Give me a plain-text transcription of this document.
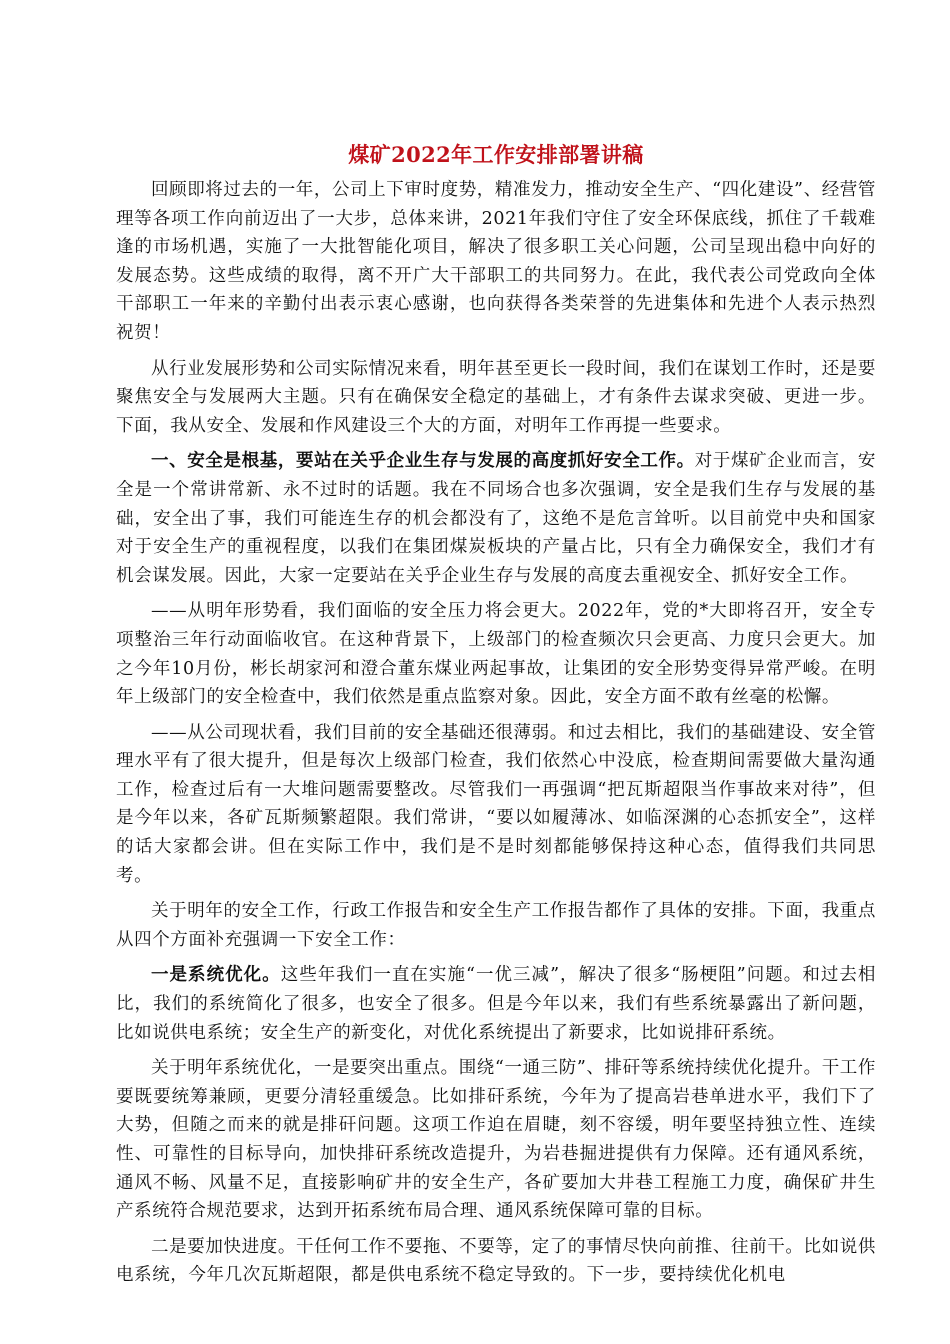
煤矿2022年工作安排部署讲稿

回顾即将过去的一年，公司上下审时度势，精准发力，推动安全生产、“四化建设”、经营管理等各项工作向前迈出了一大步，总体来讲，2021年我们守住了安全环保底线，抓住了千载难逢的市场机遇，实施了一大批智能化项目，解决了很多职工关心问题，公司呈现出稳中向好的发展态势。这些成绩的取得，离不开广大干部职工的共同努力。在此，我代表公司党政向全体干部职工一年来的辛勤付出表示衷心感谢，也向获得各类荣誉的先进集体和先进个人表示热烈祝贺！

从行业发展形势和公司实际情况来看，明年甚至更长一段时间，我们在谋划工作时，还是要聚焦安全与发展两大主题。只有在确保安全稳定的基础上，才有条件去谋求突破、更进一步。下面，我从安全、发展和作风建设三个大的方面，对明年工作再提一些要求。

一、安全是根基，要站在关乎企业生存与发展的高度抓好安全工作。对于煤矿企业而言，安全是一个常讲常新、永不过时的话题。我在不同场合也多次强调，安全是我们生存与发展的基础，安全出了事，我们可能连生存的机会都没有了，这绝不是危言耸听。以目前党中央和国家对于安全生产的重视程度，以我们在集团煤炭板块的产量占比，只有全力确保安全，我们才有机会谋发展。因此，大家一定要站在关乎企业生存与发展的高度去重视安全、抓好安全工作。

——从明年形势看，我们面临的安全压力将会更大。2022年，党的*大即将召开，安全专项整治三年行动面临收官。在这种背景下，上级部门的检查频次只会更高、力度只会更大。加之今年10月份，彬长胡家河和澄合董东煤业两起事故，让集团的安全形势变得异常严峻。在明年上级部门的安全检查中，我们依然是重点监察对象。因此，安全方面不敢有丝毫的松懈。

——从公司现状看，我们目前的安全基础还很薄弱。和过去相比，我们的基础建设、安全管理水平有了很大提升，但是每次上级部门检查，我们依然心中没底，检查期间需要做大量沟通工作，检查过后有一大堆问题需要整改。尽管我们一再强调“把瓦斯超限当作事故来对待”，但是今年以来，各矿瓦斯频繁超限。我们常讲，“要以如履薄冰、如临深渊的心态抓安全”，这样的话大家都会讲。但在实际工作中，我们是不是时刻都能够保持这种心态，值得我们共同思考。

关于明年的安全工作，行政工作报告和安全生产工作报告都作了具体的安排。下面，我重点从四个方面补充强调一下安全工作：

一是系统优化。这些年我们一直在实施“一优三减”，解决了很多“肠梗阻”问题。和过去相比，我们的系统简化了很多，也安全了很多。但是今年以来，我们有些系统暴露出了新问题，比如说供电系统；安全生产的新变化，对优化系统提出了新要求，比如说排矸系统。

关于明年系统优化，一是要突出重点。围绕“一通三防”、排矸等系统持续优化提升。干工作要既要统筹兼顾，更要分清轻重缓急。比如排矸系统，今年为了提高岩巷单进水平，我们下了大势，但随之而来的就是排矸问题。这项工作迫在眉睫，刻不容缓，明年要坚持独立性、连续性、可靠性的目标导向，加快排矸系统改造提升，为岩巷掘进提供有力保障。还有通风系统，通风不畅、风量不足，直接影响矿井的安全生产，各矿要加大井巷工程施工力度，确保矿井生产系统符合规范要求，达到开拓系统布局合理、通风系统保障可靠的目标。

二是要加快进度。干任何工作不要拖、不要等，定了的事情尽快向前推、往前干。比如说供电系统，今年几次瓦斯超限，都是供电系统不稳定导致的。下一步，要持续优化机电
